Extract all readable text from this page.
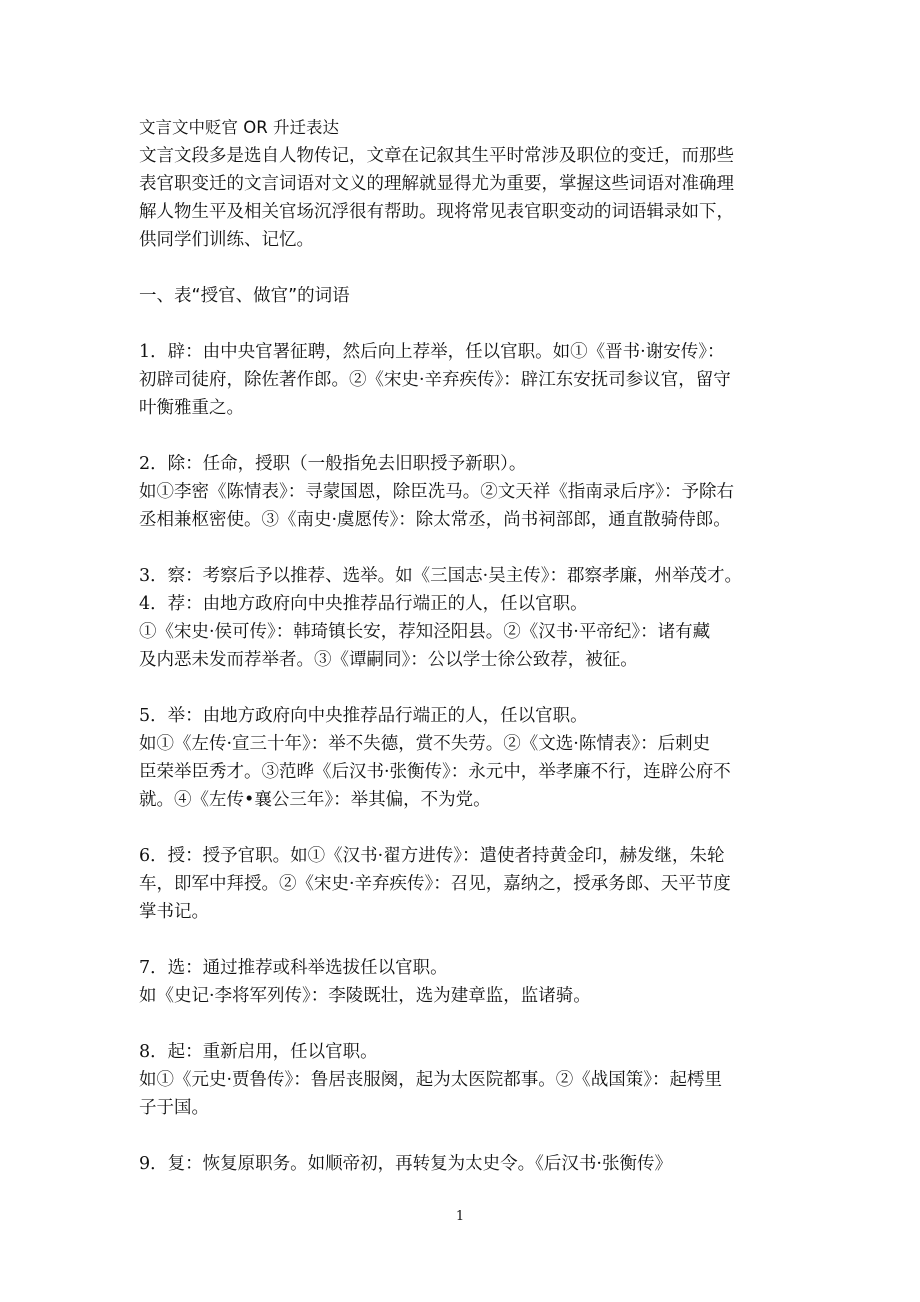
文言文中贬官 OR 升迁表达
文言文段多是选自人物传记，文章在记叙其生平时常涉及职位的变迁，而那些
表官职变迁的文言词语对文义的理解就显得尤为重要，掌握这些词语对准确理
解人物生平及相关官场沉浮很有帮助。现将常见表官职变动的词语辑录如下，
供同学们训练、记忆。
一、表“授官、做官”的词语
1．辟：由中央官署征聘，然后向上荐举，任以官职。如①《晋书·谢安传》：
初辟司徒府，除佐著作郎。②《宋史·辛弃疾传》：辟江东安抚司参议官，留守
叶衡雅重之。
2．除：任命，授职（一般指免去旧职授予新职）。
如①李密《陈情表》：寻蒙国恩，除臣冼马。②文天祥《指南录后序》：予除右
丞相兼枢密使。③《南史·虞愿传》：除太常丞，尚书祠部郎，通直散骑侍郎。
3．察：考察后予以推荐、选举。如《三国志·吴主传》：郡察孝廉，州举茂才。
4．荐：由地方政府向中央推荐品行端正的人，任以官职。
①《宋史·侯可传》：韩琦镇长安，荐知泾阳县。②《汉书·平帝纪》：诸有藏
及内恶未发而荐举者。③《谭嗣同》：公以学士徐公致荐，被征。
5．举：由地方政府向中央推荐品行端正的人，任以官职。
如①《左传·宣三十年》：举不失德，赏不失劳。②《文选·陈情表》：后刺史
臣荣举臣秀才。③范晔《后汉书·张衡传》：永元中，举孝廉不行，连辟公府不
就。④《左传•襄公三年》：举其偏，不为党。
6．授：授予官职。如①《汉书·翟方进传》：遣使者持黄金印，赫发继，朱轮
车，即军中拜授。②《宋史·辛弃疾传》：召见，嘉纳之，授承务郎、天平节度
掌书记。
7．选：通过推荐或科举选拔任以官职。
如《史记·李将军列传》：李陵既壮，选为建章监，监诸骑。
8．起：重新启用，任以官职。
如①《元史·贾鲁传》：鲁居丧服阕，起为太医院都事。②《战国策》：起樗里
子于国。
9．复：恢复原职务。如顺帝初，再转复为太史令。《后汉书·张衡传》
1
